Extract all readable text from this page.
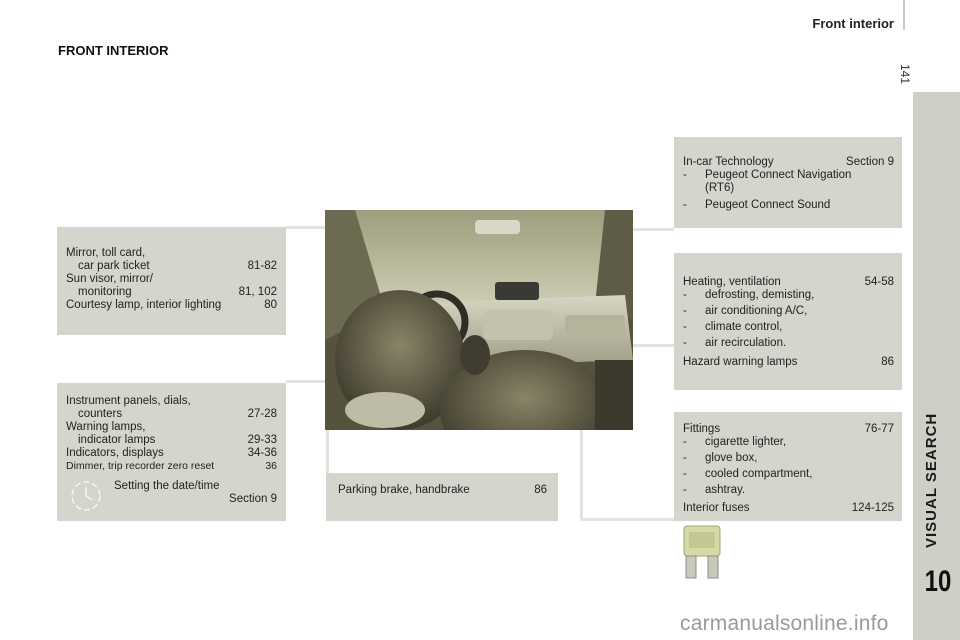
Front interior
141
VISUAL SEARCH
10
FRONT INTERIOR
Mirror, toll card,
car park ticket	81-82
Sun visor, mirror/
monitoring	81, 102
Courtesy lamp, interior lighting	80
Instrument panels, dials,
counters	27-28
Warning lamps,
indicator lamps	29-33
Indicators, displays	34-36
Dimmer, trip recorder zero reset	36
Setting the date/time
Section 9
Parking brake, handbrake	86
In-car Technology	Section 9
-	Peugeot Connect Navigation
(RT6)
-	Peugeot Connect Sound
Heating, ventilation	54-58
-	defrosting, demisting,
-	air conditioning A/C,
-	climate control,
-	air recirculation.
Hazard warning lamps	86
Fittings	76-77
-	cigarette lighter,
-	glove box,
-	cooled compartment,
-	ashtray.
Interior fuses	124-125
carmanualsonline.info
